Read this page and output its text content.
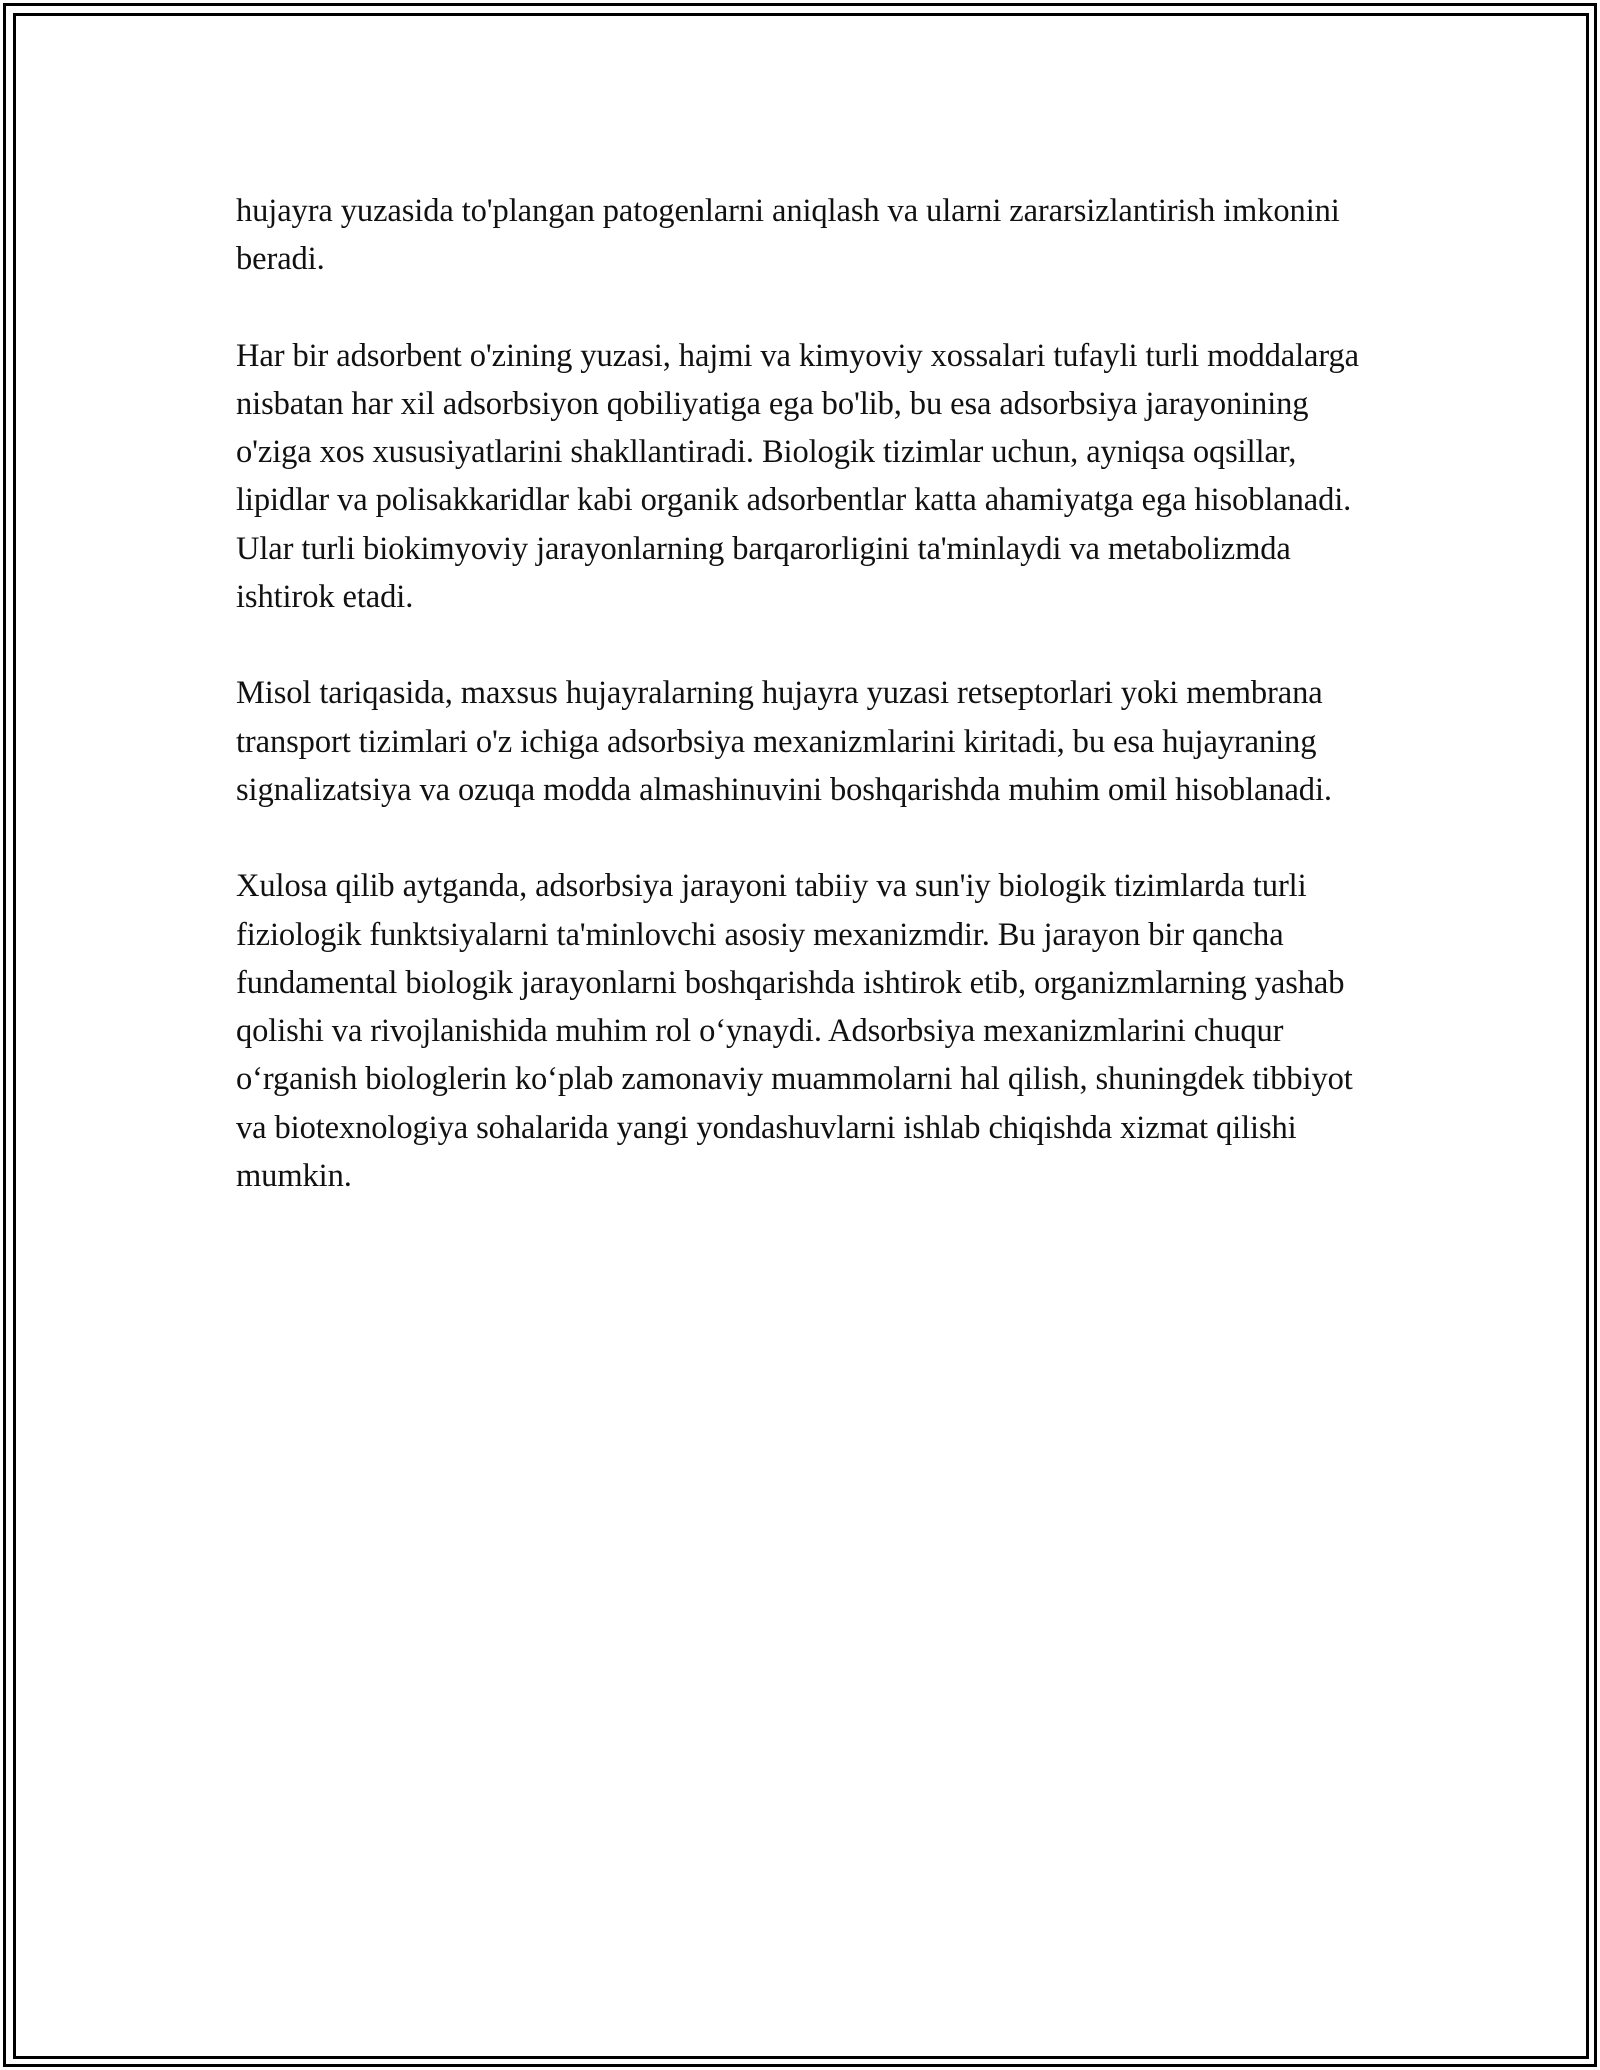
hujayra yuzasida to'plangan patogenlarni aniqlash va ularni zararsizlantirish imkonini beradi.

Har bir adsorbent o'zining yuzasi, hajmi va kimyoviy xossalari tufayli turli moddalarga nisbatan har xil adsorbsiyon qobiliyatiga ega bo'lib, bu esa adsorbsiya jarayonining o'ziga xos xususiyatlarini shakllantiradi. Biologik tizimlar uchun, ayniqsa oqsillar, lipidlar va polisakkaridlar kabi organik adsorbentlar katta ahamiyatga ega hisoblanadi. Ular turli biokimyoviy jarayonlarning barqarorligini ta'minlaydi va metabolizmda ishtirok etadi.

Misol tariqasida, maxsus hujayralarning hujayra yuzasi retseptorlari yoki membrana transport tizimlari o'z ichiga adsorbsiya mexanizmlarini kiritadi, bu esa hujayraning signalizatsiya va ozuqa modda almashinuvini boshqarishda muhim omil hisoblanadi.

Xulosa qilib aytganda, adsorbsiya jarayoni tabiiy va sun'iy biologik tizimlarda turli fiziologik funktsiyalarni ta'minlovchi asosiy mexanizmdir. Bu jarayon bir qancha fundamental biologik jarayonlarni boshqarishda ishtirok etib, organizmlarning yashab qolishi va rivojlanishida muhim rol o‘ynaydi. Adsorbsiya mexanizmlarini chuqur o‘rganish biologlerin ko‘plab zamonaviy muammolarni hal qilish, shuningdek tibbiyot va biotexnologiya sohalarida yangi yondashuvlarni ishlab chiqishda xizmat qilishi mumkin.
